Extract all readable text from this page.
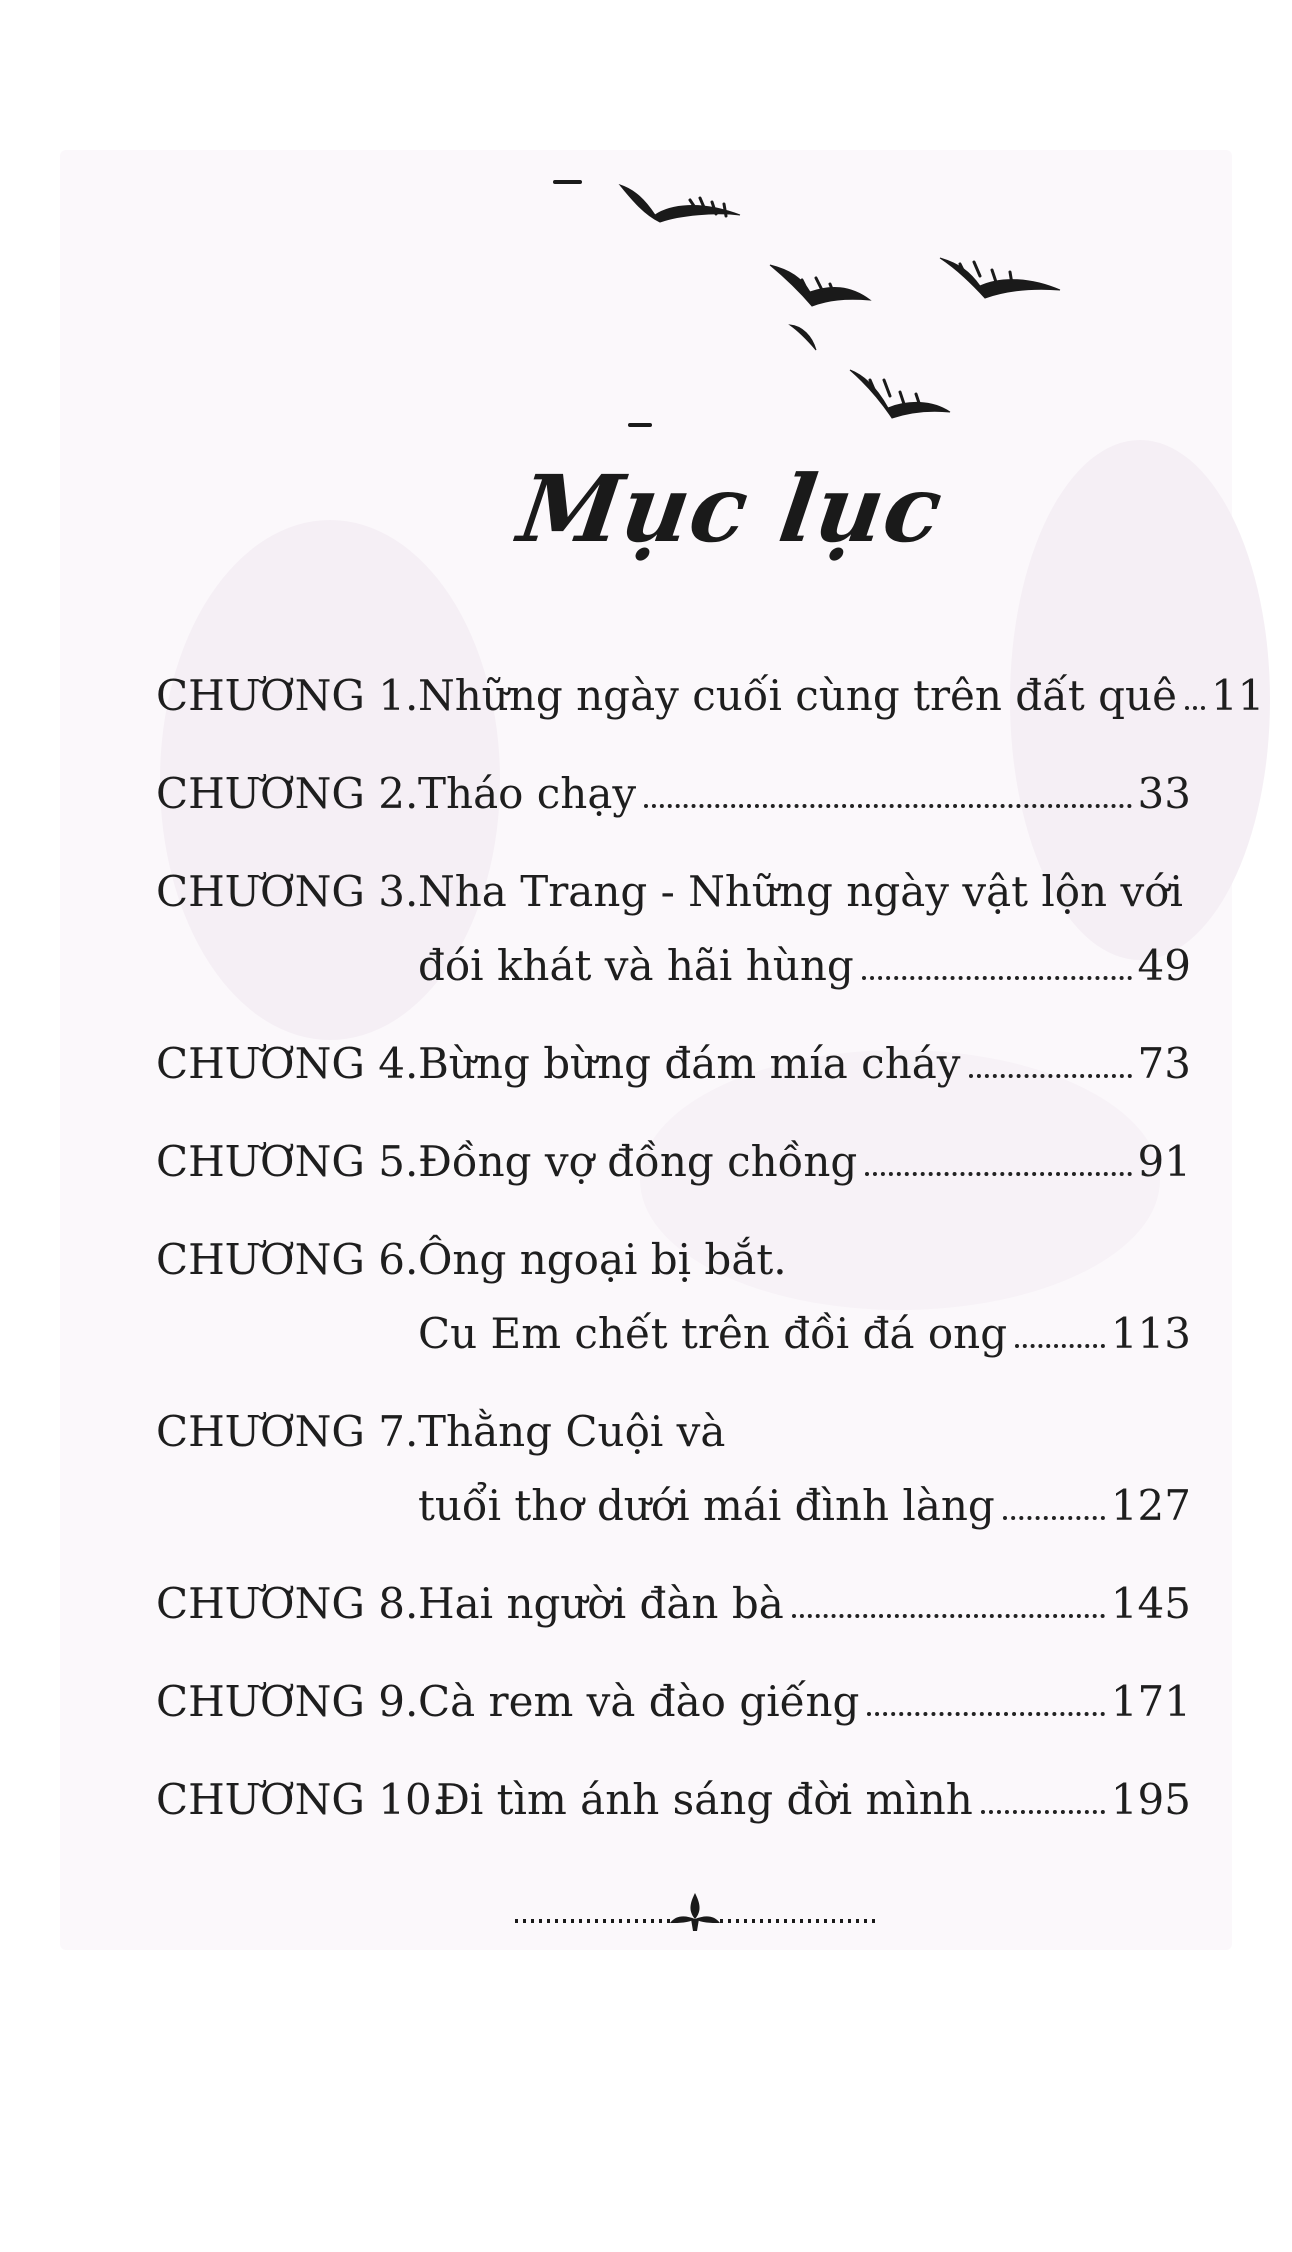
Mục lục
CHƯƠNG 1. Những ngày cuối cùng trên đất quê 11
CHƯƠNG 2. Tháo chạy	33
CHƯƠNG 3. Nha Trang - Những ngày vật lộn với
đói khát và hãi hùng	49
CHƯƠNG 4. Bừng bừng đám mía cháy	73
CHƯƠNG 5. Đồng vợ đồng chồng	91
CHƯƠNG 6. Ông ngoại bị bắt.
Cu Em chết trên đồi đá ong 113
CHƯƠNG 7. Thằng Cuội và
tuổi thơ dưới mái đình làng	127
CHƯƠNG 8. Hai người đàn bà	145
CHƯƠNG 9. Cà rem và đào giếng	171
CHƯƠNG 10.
Đi tìm ánh sáng đời mình	195
